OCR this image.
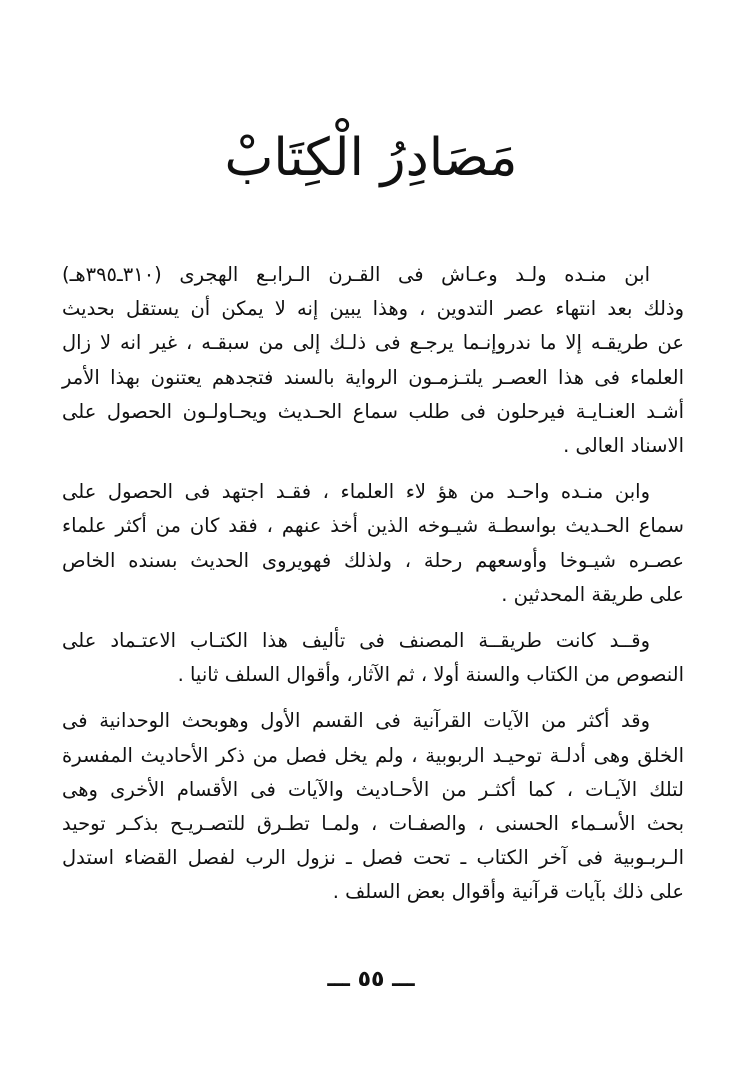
مَصَادِرُ الْكِتَابْ

ابن منـده ولـد وعـاش فى القـرن الـرابـع الهجرى (٣١٠ـ٣٩٥هـ)
وذلك بعد انتهاء عصر التدوين ، وهذا يبين إنه لا يمكن أن يستقل بحديث
عن طريقـه إلا ما ندروإنـما يرجـع فى ذلـك إلى من سبقـه ، غير انه لا زال
العلماء فى هذا العصـر يلتـزمـون الرواية بالسند فتجدهم يعتنون بهذا الأمر
أشـد العنـايـة فيرحلون فى طلب سماع الحـديث ويحـاولـون الحصول على
الاسناد العالى .

وابن منـده واحـد من هؤ لاء العلماء ، فقـد اجتهد فى الحصول على
سماع الحـديث بواسطـة شيـوخه الذين أخذ عنهم ، فقد كان من أكثر علماء
عصـره شيـوخا وأوسعهم رحلة ، ولذلك فهويروى الحديث بسنده الخاص
على طريقة المحدثين .

وقــد كانت طريقــة المصنف فى تأليف هذا الكتـاب الاعتـماد على
النصوص من الكتاب والسنة أولا ، ثم الآثار، وأقوال السلف ثانيا .

وقد أكثر من الآيات القرآنية فى القسم الأول وهوبحث الوحدانية فى
الخلق وهى أدلـة توحيـد الربوبية ، ولم يخل فصل من ذكر الأحاديث المفسرة
لتلك الآيـات ، كما أكثـر من الأحـاديث والآيات فى الأقسام الأخرى وهى
بحث الأسـماء الحسنى ، والصفـات ، ولمـا تطـرق للتصـريـح بذكـر توحيد
الـربـوبية فى آخر الكتاب ـ تحت فصل ـ نزول الرب لفصل القضاء استدل
على ذلك بآيات قرآنية وأقوال بعض السلف .

ـــ ٥٥ ـــ
